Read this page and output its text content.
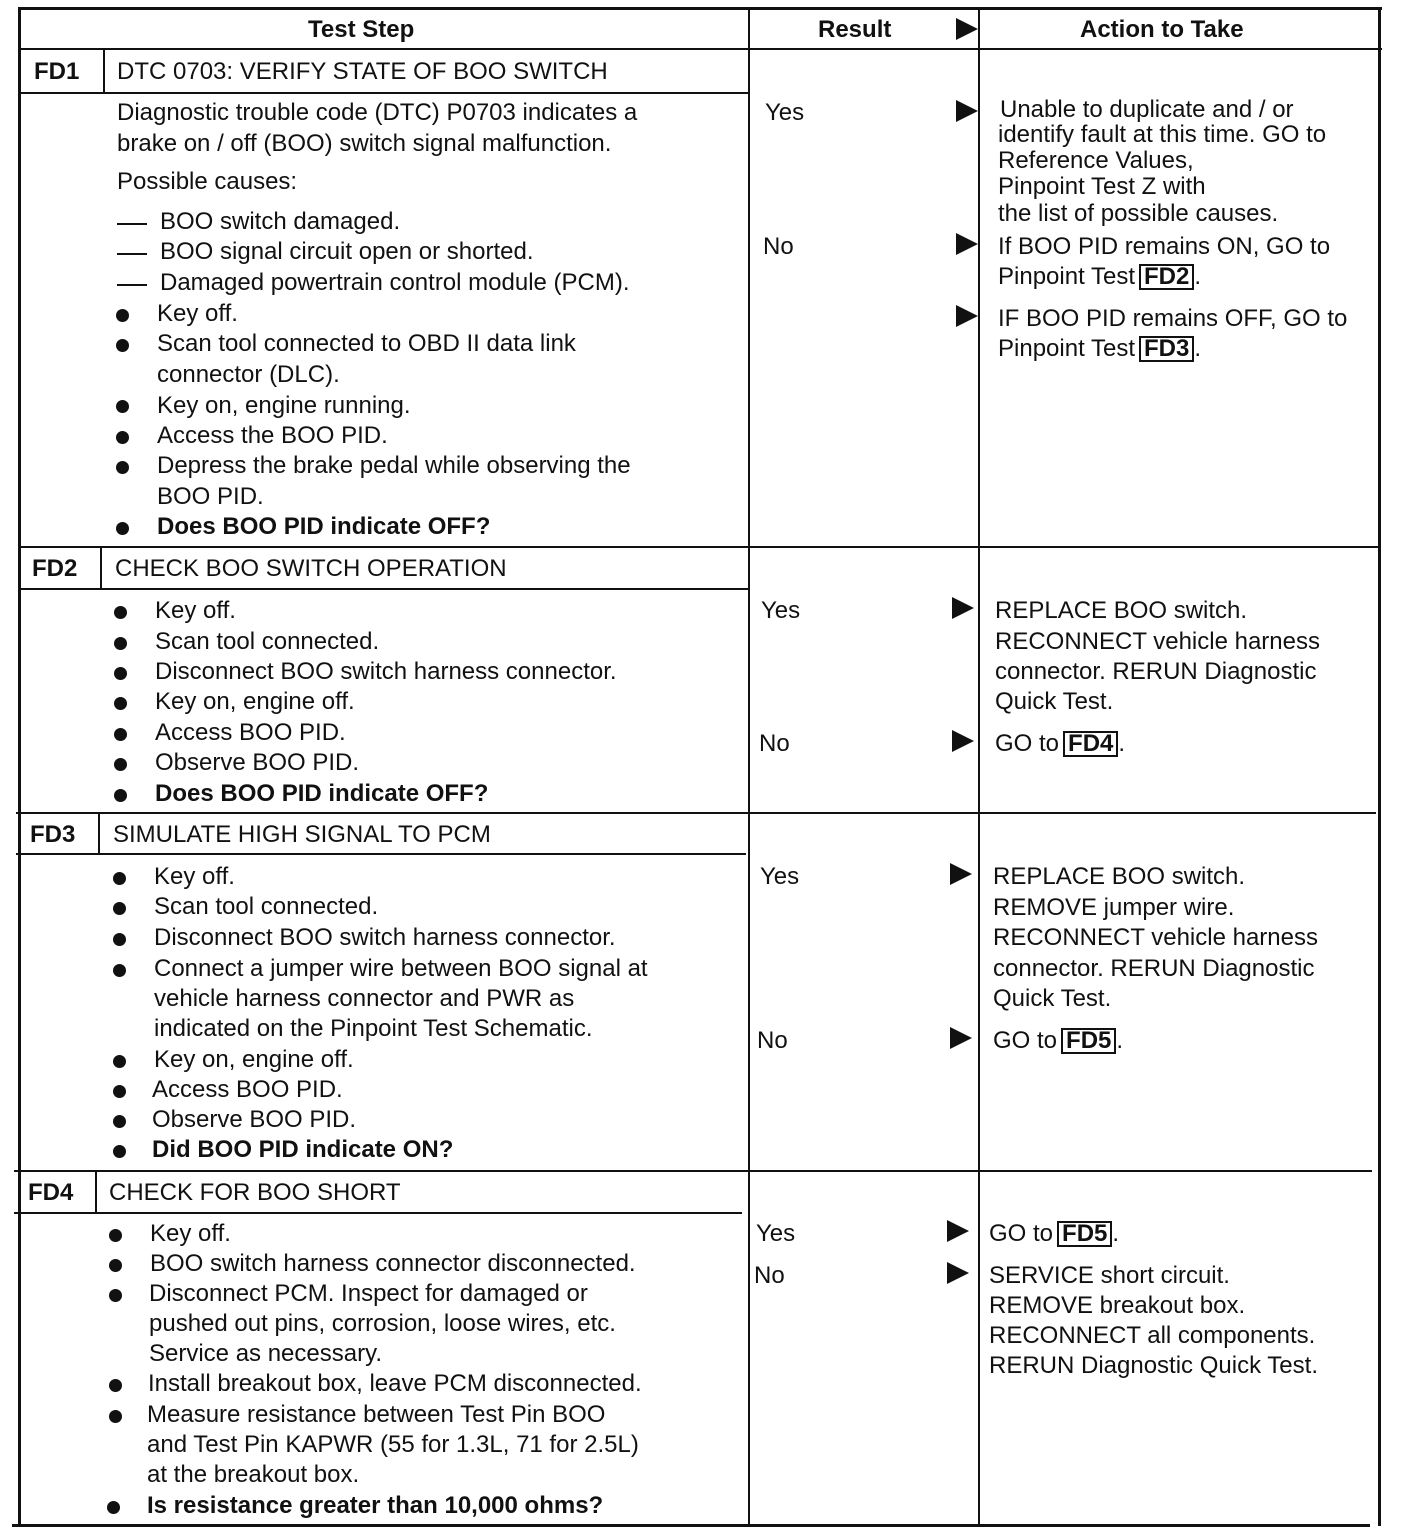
Test Step	Result	Action to Take
FD1 DTC 0703: VERIFY STATE OF BOO SWITCH
Diagnostic trouble code (DTC) P0703 indicates a
brake on / off (BOO) switch signal malfunction.
Possible causes:
BOO switch damaged.
BOO signal circuit open or shorted.
Damaged powertrain control module (PCM).
Key off.
Scan tool connected to OBD II data link
connector (DLC).
Key on, engine running.
Access the BOO PID.
Depress the brake pedal while observing the
BOO PID.
Does BOO PID indicate OFF?
Yes
No
Unable to duplicate and / or
identify fault at this time. GO to
Reference Values,
Pinpoint Test Z with
the list of possible causes.
If BOO PID remains ON, GO to
Pinpoint Test FD2 .
IF BOO PID remains OFF, GO to
Pinpoint Test FD3 .
FD2 CHECK BOO SWITCH OPERATION
Key off.
Scan tool connected.
Disconnect BOO switch harness connector.
Key on, engine off.
Access BOO PID.
Observe BOO PID.
Does BOO PID indicate OFF?
Yes
No
REPLACE BOO switch.
RECONNECT vehicle harness
connector. RERUN Diagnostic
Quick Test.
GO to FD4 .
FD3 SIMULATE HIGH SIGNAL TO PCM
Key off.
Scan tool connected.
Disconnect BOO switch harness connector.
Connect a jumper wire between BOO signal at
vehicle harness connector and PWR as
indicated on the Pinpoint Test Schematic.
Key on, engine off.
Access BOO PID.
Observe BOO PID.
Did BOO PID indicate ON?
Yes
No
REPLACE BOO switch.
REMOVE jumper wire.
RECONNECT vehicle harness
connector. RERUN Diagnostic
Quick Test.
GO to FD5 .
FD4 CHECK FOR BOO SHORT
Key off.
BOO switch harness connector disconnected.
Disconnect PCM. Inspect for damaged or
pushed out pins, corrosion, loose wires, etc.
Service as necessary.
Install breakout box, leave PCM disconnected.
Measure resistance between Test Pin BOO
and Test Pin KAPWR (55 for 1.3L, 71 for 2.5L)
at the breakout box.
Is resistance greater than 10,000 ohms?
Yes
No
GO to FD5 .
SERVICE short circuit.
REMOVE breakout box.
RECONNECT all components.
RERUN Diagnostic Quick Test.
